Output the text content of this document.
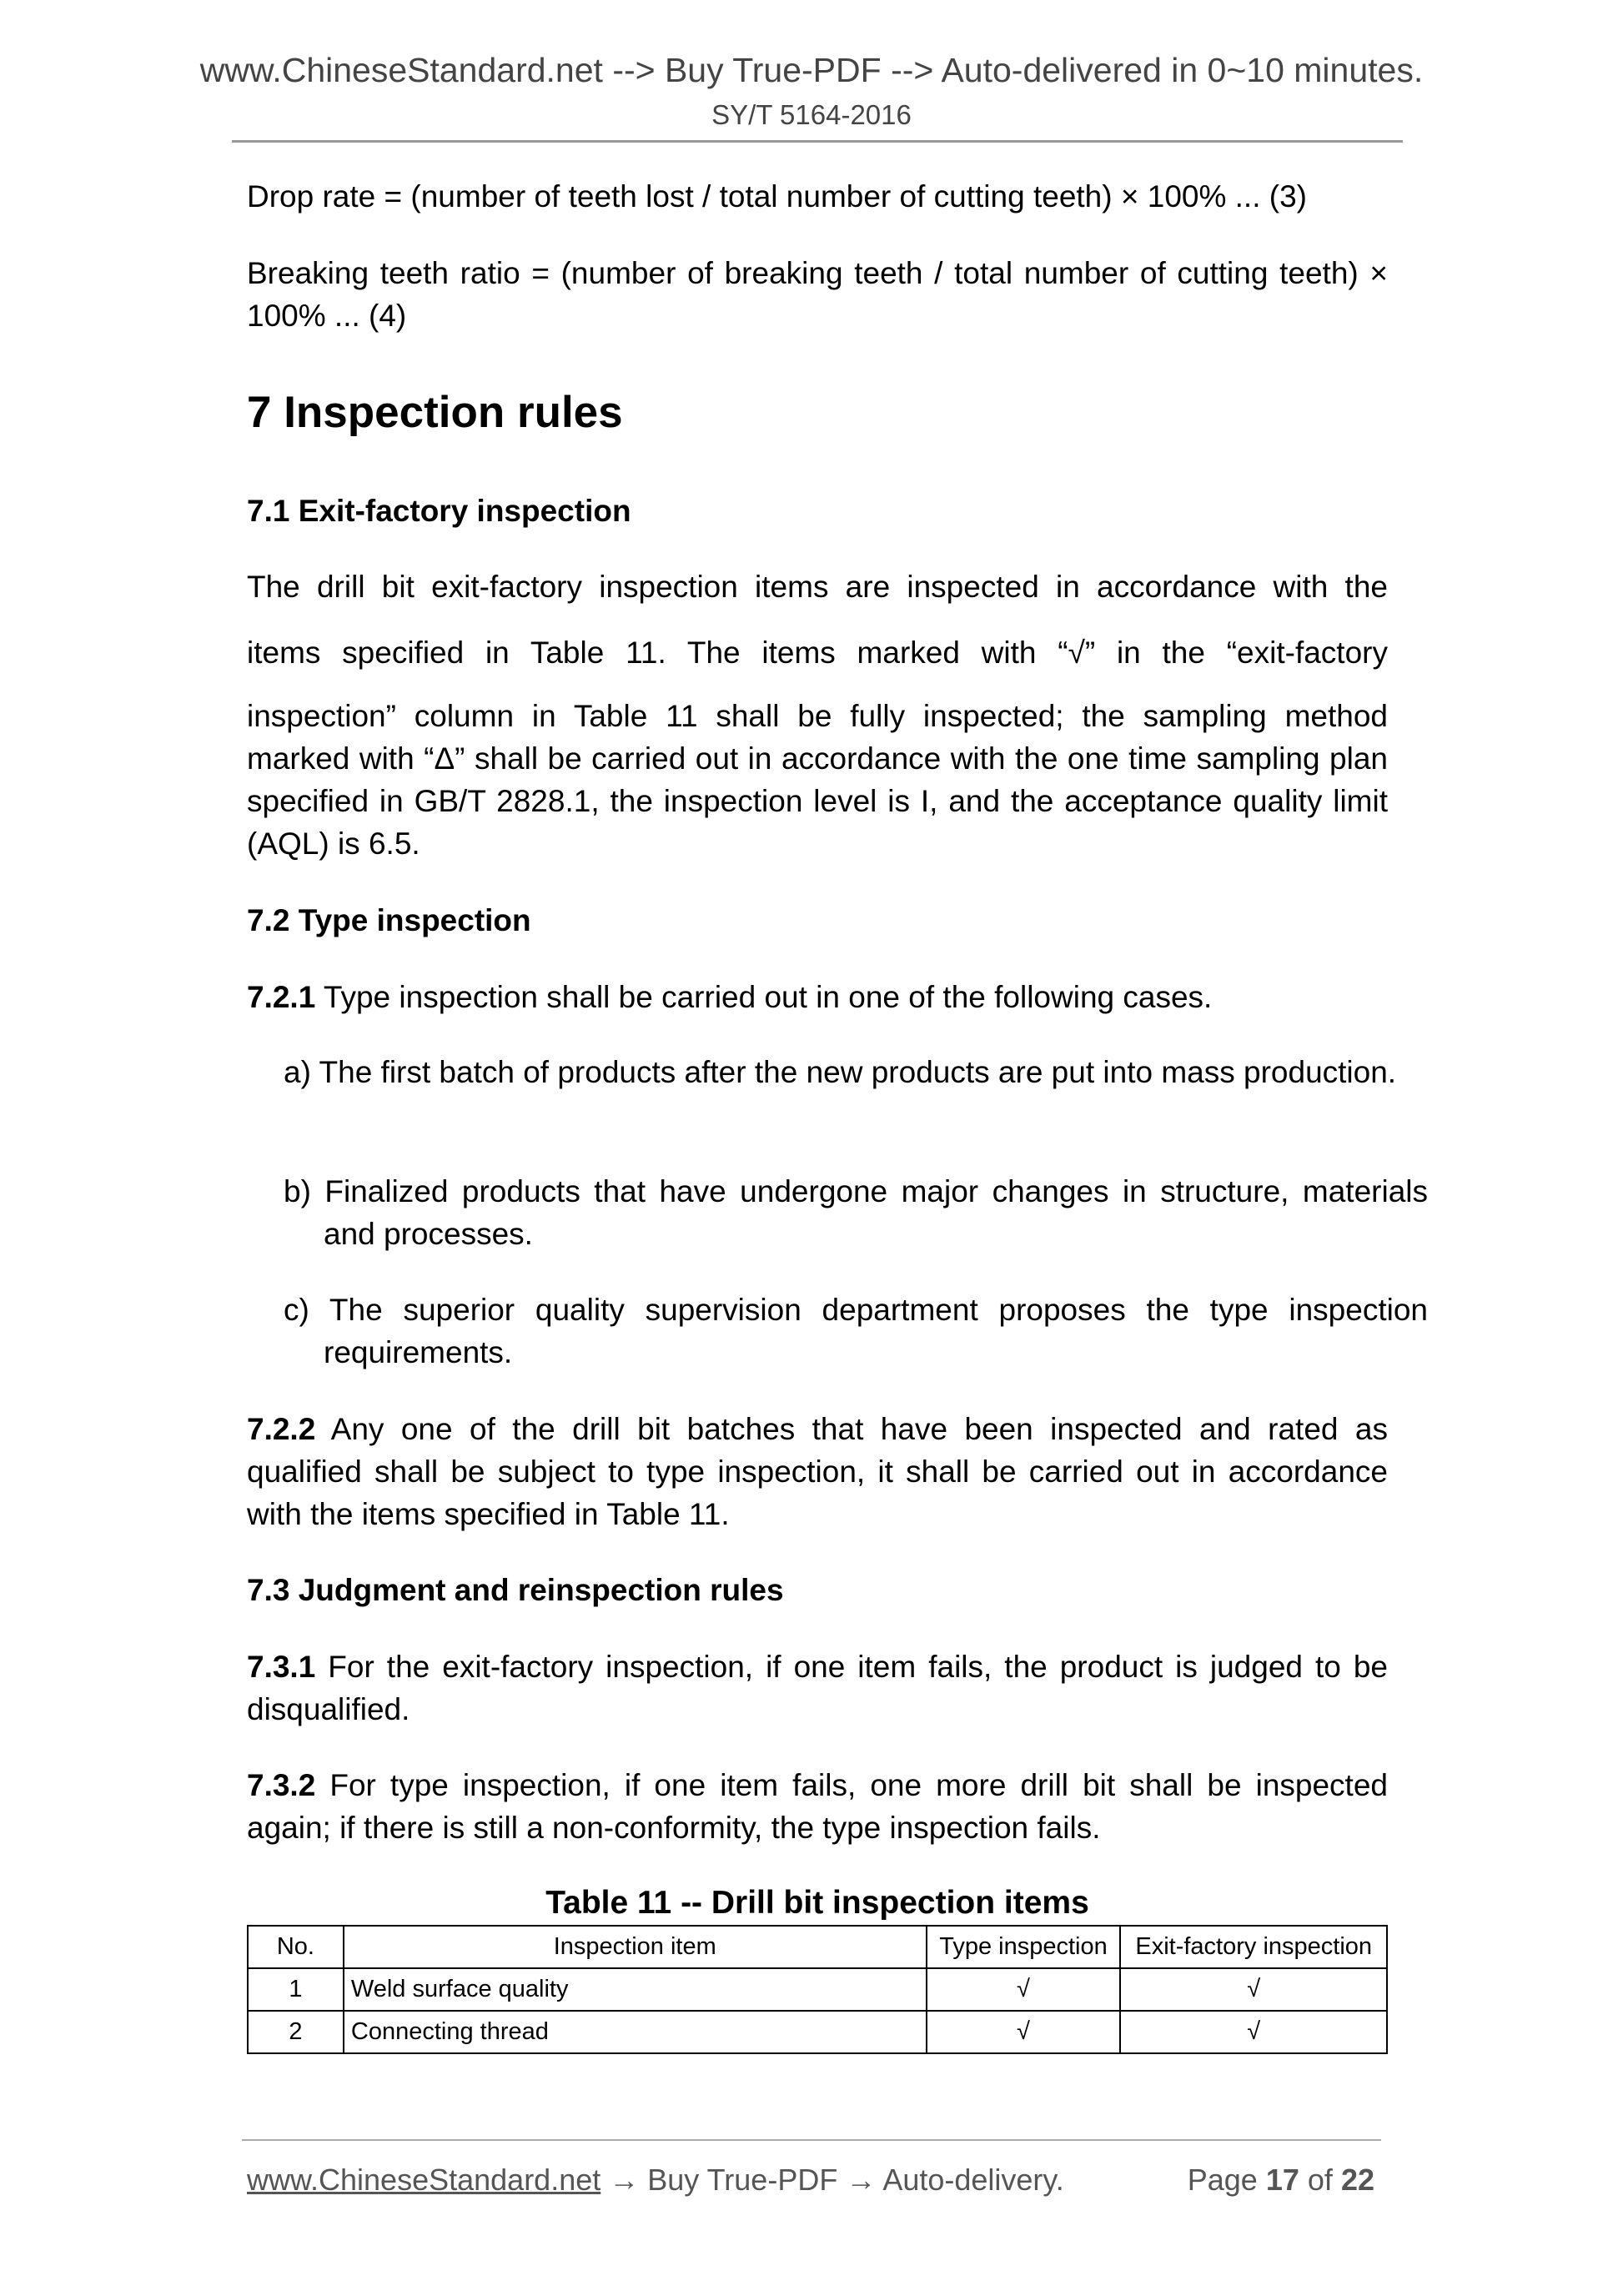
www.ChineseStandard.net --> Buy True-PDF --> Auto-delivered in 0~10 minutes.
SY/T 5164-2016
Drop rate = (number of teeth lost / total number of cutting teeth) × 100% ... (3)
Breaking teeth ratio = (number of breaking teeth / total number of cutting teeth) × 100% ... (4)
7 Inspection rules
7.1 Exit-factory inspection
The drill bit exit-factory inspection items are inspected in accordance with the
items specified in Table 11. The items marked with “√” in the “exit-factory
inspection” column in Table 11 shall be fully inspected; the sampling method marked with “Δ” shall be carried out in accordance with the one time sampling plan specified in GB/T 2828.1, the inspection level is I, and the acceptance quality limit (AQL) is 6.5.
7.2 Type inspection
7.2.1 Type inspection shall be carried out in one of the following cases.
a) The first batch of products after the new products are put into mass production.
b) Finalized products that have undergone major changes in structure, materials and processes.
c) The superior quality supervision department proposes the type inspection requirements.
7.2.2 Any one of the drill bit batches that have been inspected and rated as qualified shall be subject to type inspection, it shall be carried out in accordance with the items specified in Table 11.
7.3 Judgment and reinspection rules
7.3.1 For the exit-factory inspection, if one item fails, the product is judged to be disqualified.
7.3.2 For type inspection, if one item fails, one more drill bit shall be inspected again; if there is still a non-conformity, the type inspection fails.
Table 11 -- Drill bit inspection items
No.	Inspection item	Type inspection	Exit-factory inspection
1	Weld surface quality	√	√
2	Connecting thread	√	√
www.ChineseStandard.net → Buy True-PDF → Auto-delivery.	Page 17 of 22
